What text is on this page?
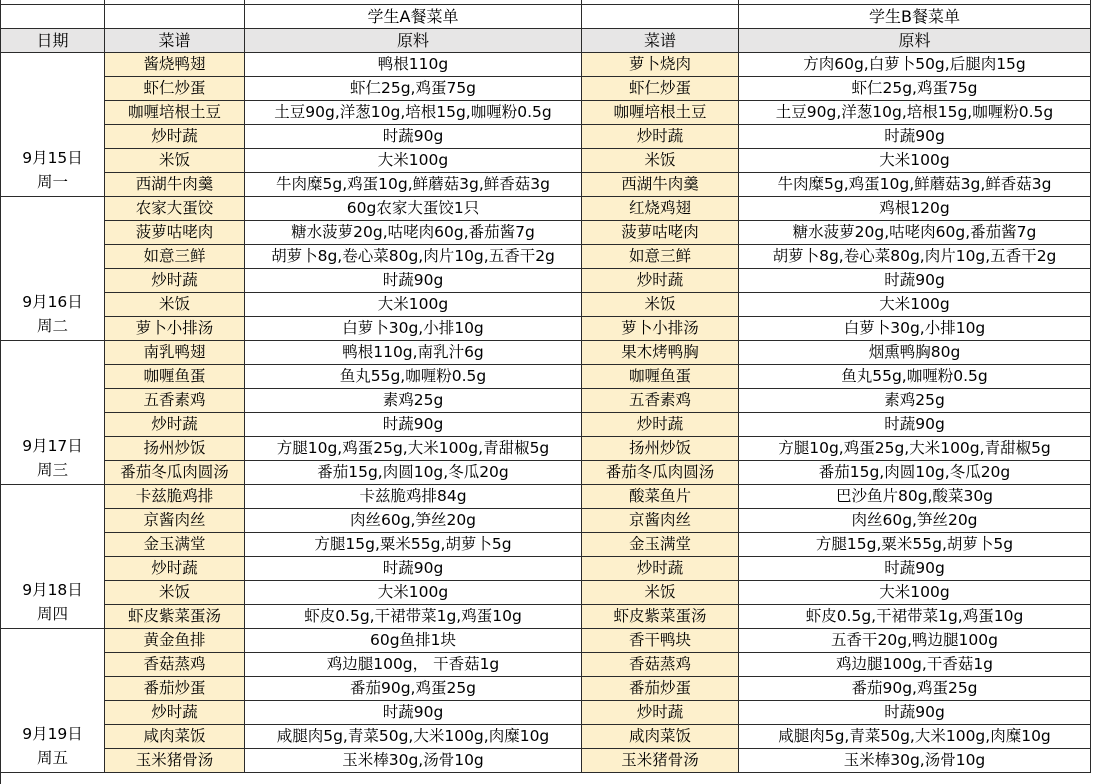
		学生A餐菜单		学生B餐菜单
日期	菜谱	原料	菜谱	原料

9月15日
周一	酱烧鸭翅	鸭根110g	萝卜烧肉	方肉60g,白萝卜50g,后腿肉15g
	虾仁炒蛋	虾仁25g,鸡蛋75g	虾仁炒蛋	虾仁25g,鸡蛋75g
	咖喱培根土豆	土豆90g,洋葱10g,培根15g,咖喱粉0.5g	咖喱培根土豆	土豆90g,洋葱10g,培根15g,咖喱粉0.5g
	炒时蔬	时蔬90g	炒时蔬	时蔬90g
	米饭	大米100g	米饭	大米100g
	西湖牛肉羹	牛肉糜5g,鸡蛋10g,鲜蘑菇3g,鲜香菇3g	西湖牛肉羹	牛肉糜5g,鸡蛋10g,鲜蘑菇3g,鲜香菇3g

9月16日
周二	农家大蛋饺	60g农家大蛋饺1只	红烧鸡翅	鸡根120g
	菠萝咕咾肉	糖水菠萝20g,咕咾肉60g,番茄酱7g	菠萝咕咾肉	糖水菠萝20g,咕咾肉60g,番茄酱7g
	如意三鲜	胡萝卜8g,卷心菜80g,肉片10g,五香干2g	如意三鲜	胡萝卜8g,卷心菜80g,肉片10g,五香干2g
	炒时蔬	时蔬90g	炒时蔬	时蔬90g
	米饭	大米100g	米饭	大米100g
	萝卜小排汤	白萝卜30g,小排10g	萝卜小排汤	白萝卜30g,小排10g

9月17日
周三	南乳鸭翅	鸭根110g,南乳汁6g	果木烤鸭胸	烟熏鸭胸80g
	咖喱鱼蛋	鱼丸55g,咖喱粉0.5g	咖喱鱼蛋	鱼丸55g,咖喱粉0.5g
	五香素鸡	素鸡25g	五香素鸡	素鸡25g
	炒时蔬	时蔬90g	炒时蔬	时蔬90g
	扬州炒饭	方腿10g,鸡蛋25g,大米100g,青甜椒5g	扬州炒饭	方腿10g,鸡蛋25g,大米100g,青甜椒5g
	番茄冬瓜肉圆汤	番茄15g,肉圆10g,冬瓜20g	番茄冬瓜肉圆汤	番茄15g,肉圆10g,冬瓜20g

9月18日
周四	卡兹脆鸡排	卡兹脆鸡排84g	酸菜鱼片	巴沙鱼片80g,酸菜30g
	京酱肉丝	肉丝60g,笋丝20g	京酱肉丝	肉丝60g,笋丝20g
	金玉满堂	方腿15g,粟米55g,胡萝卜5g	金玉满堂	方腿15g,粟米55g,胡萝卜5g
	炒时蔬	时蔬90g	炒时蔬	时蔬90g
	米饭	大米100g	米饭	大米100g
	虾皮紫菜蛋汤	虾皮0.5g,干裙带菜1g,鸡蛋10g	虾皮紫菜蛋汤	虾皮0.5g,干裙带菜1g,鸡蛋10g

9月19日
周五	黄金鱼排	60g鱼排1块	香干鸭块	五香干20g,鸭边腿100g
	香菇蒸鸡	鸡边腿100g， 干香菇1g	香菇蒸鸡	鸡边腿100g,干香菇1g
	番茄炒蛋	番茄90g,鸡蛋25g	番茄炒蛋	番茄90g,鸡蛋25g
	炒时蔬	时蔬90g	炒时蔬	时蔬90g
	咸肉菜饭	咸腿肉5g,青菜50g,大米100g,肉糜10g	咸肉菜饭	咸腿肉5g,青菜50g,大米100g,肉糜10g
	玉米猪骨汤	玉米棒30g,汤骨10g	玉米猪骨汤	玉米棒30g,汤骨10g
